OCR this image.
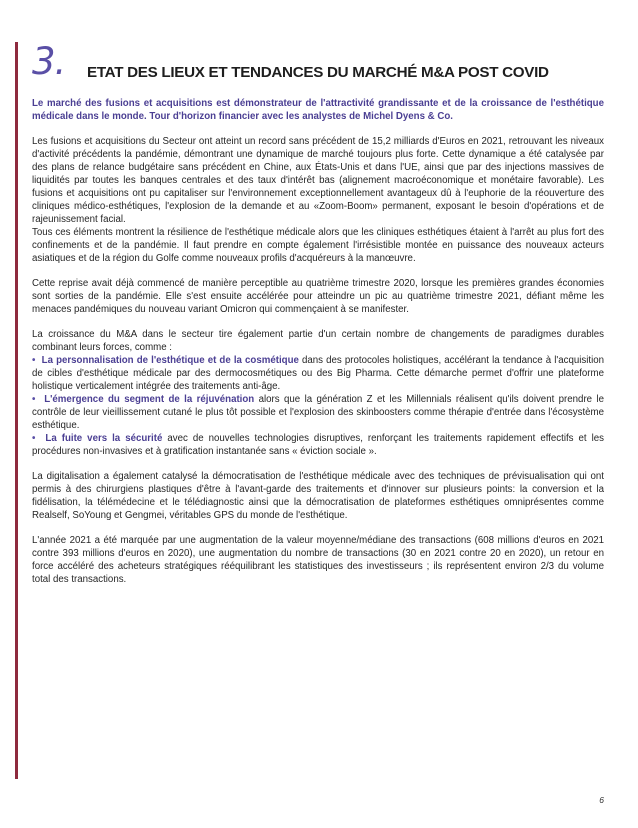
3. ETAT DES LIEUX ET TENDANCES DU MARCHÉ M&A POST COVID

Le marché des fusions et acquisitions est démonstrateur de l'attractivité grandissante et de la croissance de l'esthétique médicale dans le monde. Tour d'horizon financier avec les analystes de Michel Dyens & Co.

Les fusions et acquisitions du Secteur ont atteint un record sans précédent de 15,2 milliards d'Euros en 2021, retrouvant les niveaux d'activité précédents la pandémie, démontrant une dynamique de marché toujours plus forte. Cette dynamique a été catalysée par des plans de relance budgétaire sans précédent en Chine, aux États-Unis et dans l'UE, ainsi que par des injections massives de liquidités par toutes les banques centrales et des taux d'intérêt bas (alignement macroéconomique et monétaire favorable). Les fusions et acquisitions ont pu capitaliser sur l'environnement exceptionnellement avantageux dû à l'euphorie de la réouverture des cliniques médico-esthétiques, l'explosion de la demande et au «Zoom-Boom» permanent, exposant le besoin d'opérations et de rajeunissement facial.

Tous ces éléments montrent la résilience de l'esthétique médicale alors que les cliniques esthétiques étaient à l'arrêt au plus fort des confinements et de la pandémie. Il faut prendre en compte également l'irrésistible montée en puissance des nouveaux acteurs asiatiques et de la région du Golfe comme nouveaux profils d'acquéreurs à la manœuvre.

Cette reprise avait déjà commencé de manière perceptible au quatrième trimestre 2020, lorsque les premières grandes économies sont sorties de la pandémie. Elle s'est ensuite accélérée pour atteindre un pic au quatrième trimestre 2021, défiant même les menaces pandémiques du nouveau variant Omicron qui commençaient à se manifester.

La croissance du M&A dans le secteur tire également partie d'un certain nombre de changements de paradigmes durables combinant leurs forces, comme :

• La personnalisation de l'esthétique et de la cosmétique dans des protocoles holistiques, accélérant la tendance à l'acquisition de cibles d'esthétique médicale par des dermocosmétiques ou des Big Pharma. Cette démarche permet d'offrir une plateforme holistique verticalement intégrée des traitements anti-âge.

• L'émergence du segment de la réjuvénation alors que la génération Z et les Millennials réalisent qu'ils doivent prendre le contrôle de leur vieillissement cutané le plus tôt possible et l'explosion des skinboosters comme thérapie d'entrée dans l'écosystème esthétique.

• La fuite vers la sécurité avec de nouvelles technologies disruptives, renforçant les traitements rapidement effectifs et les procédures non-invasives et à gratification instantanée sans « éviction sociale ».

La digitalisation a également catalysé la démocratisation de l'esthétique médicale avec des techniques de prévisualisation qui ont permis à des chirurgiens plastiques d'être à l'avant-garde des traitements et d'innover sur plusieurs points: la conversion et la fidélisation, la télémédecine et le télédiagnostic ainsi que la démocratisation de plateformes esthétiques omniprésentes comme Realself, SoYoung et Gengmei, véritables GPS du monde de l'esthétique.

L'année 2021 a été marquée par une augmentation de la valeur moyenne/médiane des transactions (608 millions d'euros en 2021 contre 393 millions d'euros en 2020), une augmentation du nombre de transactions (30 en 2021 contre 20 en 2020), un retour en force accéléré des acheteurs stratégiques rééquilibrant les statistiques des investisseurs ; ils représentent environ 2/3 du volume total des transactions.

6
